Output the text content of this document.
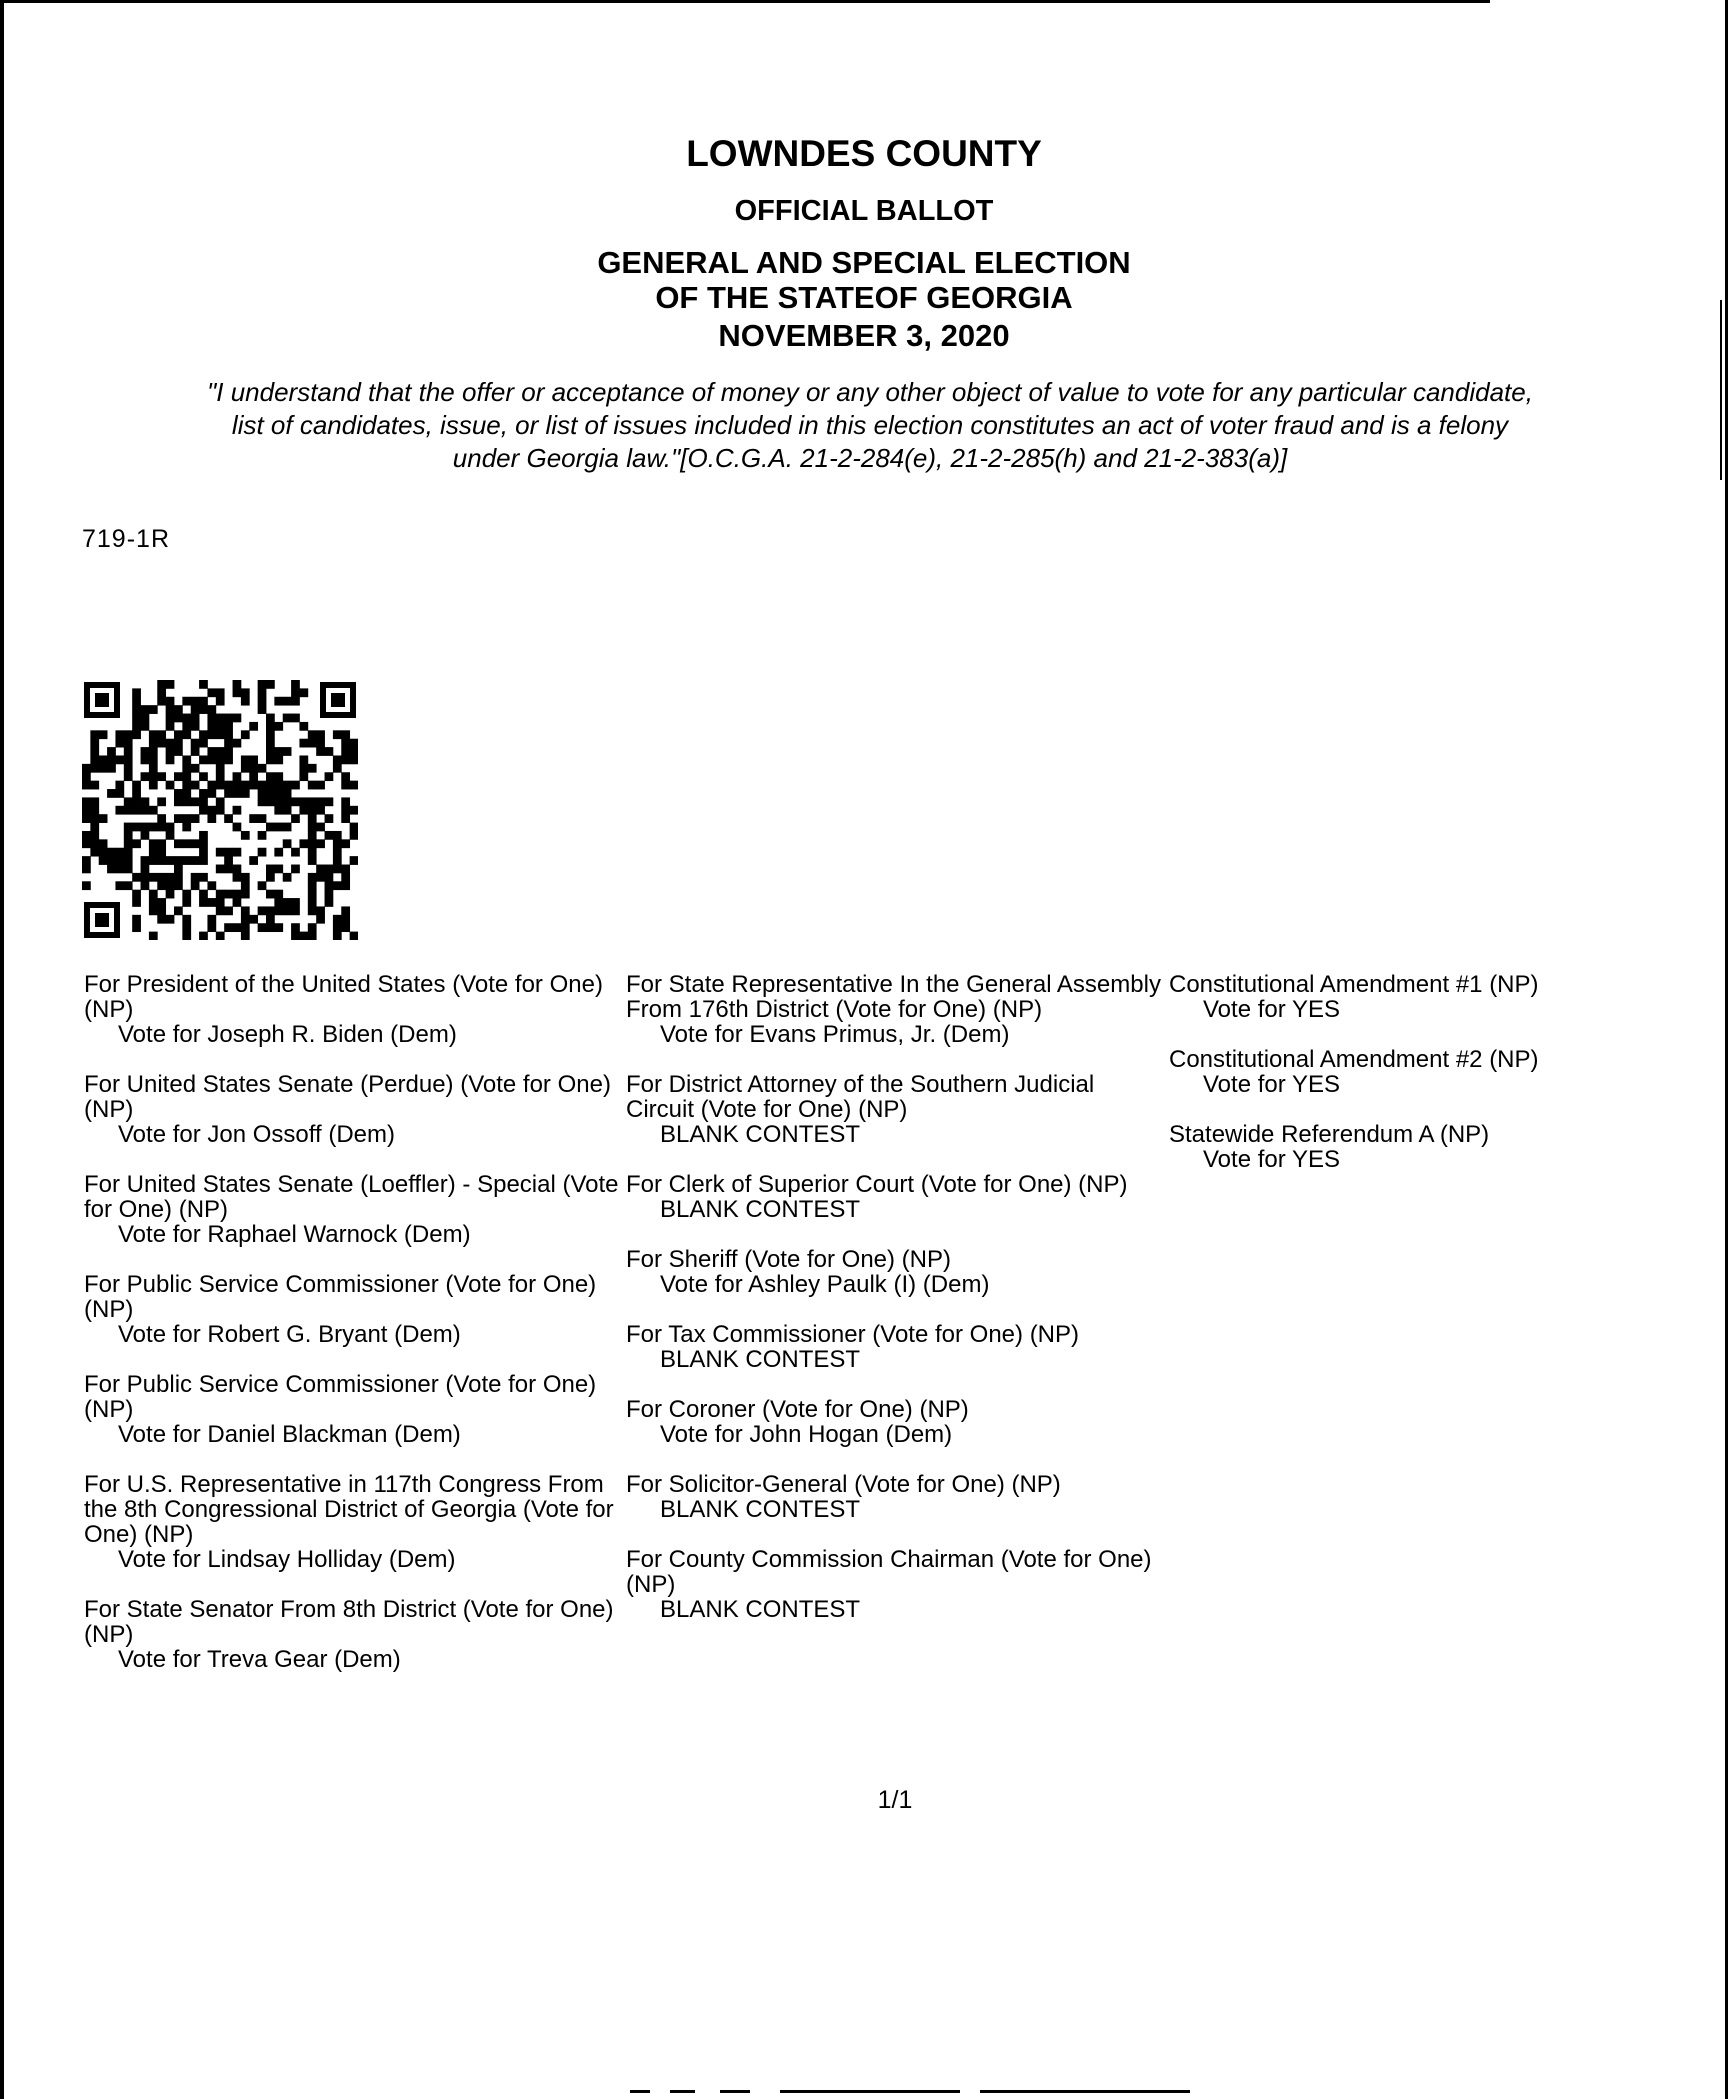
LOWNDES COUNTY
OFFICIAL BALLOT
GENERAL AND SPECIAL ELECTION
OF THE STATEOF GEORGIA
NOVEMBER 3, 2020
"I understand that the offer or acceptance of money or any other object of value to vote for any particular candidate,
list of candidates, issue, or list of issues included in this election constitutes an act of voter fraud and is a felony
under Georgia law."[O.C.G.A. 21-2-284(e), 21-2-285(h) and 21-2-383(a)]
719-1R
For President of the United States (Vote for One) (NP)
Vote for Joseph R. Biden (Dem)
For United States Senate (Perdue) (Vote for One) (NP)
Vote for Jon Ossoff (Dem)
For United States Senate (Loeffler) - Special (Vote for One) (NP)
Vote for Raphael Warnock (Dem)
For Public Service Commissioner (Vote for One) (NP)
Vote for Robert G. Bryant (Dem)
For Public Service Commissioner (Vote for One) (NP)
Vote for Daniel Blackman (Dem)
For U.S. Representative in 117th Congress From the 8th Congressional District of Georgia (Vote for One) (NP)
Vote for Lindsay Holliday (Dem)
For State Senator From 8th District (Vote for One) (NP)
Vote for Treva Gear (Dem)
For State Representative In the General Assembly From 176th District (Vote for One) (NP)
Vote for Evans Primus, Jr. (Dem)
For District Attorney of the Southern Judicial Circuit (Vote for One) (NP)
BLANK CONTEST
For Clerk of Superior Court (Vote for One) (NP)
BLANK CONTEST
For Sheriff (Vote for One) (NP)
Vote for Ashley Paulk (I) (Dem)
For Tax Commissioner (Vote for One) (NP)
BLANK CONTEST
For Coroner (Vote for One) (NP)
Vote for John Hogan (Dem)
For Solicitor-General (Vote for One) (NP)
BLANK CONTEST
For County Commission Chairman (Vote for One) (NP)
BLANK CONTEST
Constitutional Amendment #1 (NP)
Vote for YES
Constitutional Amendment #2 (NP)
Vote for YES
Statewide Referendum A (NP)
Vote for YES
1/1
